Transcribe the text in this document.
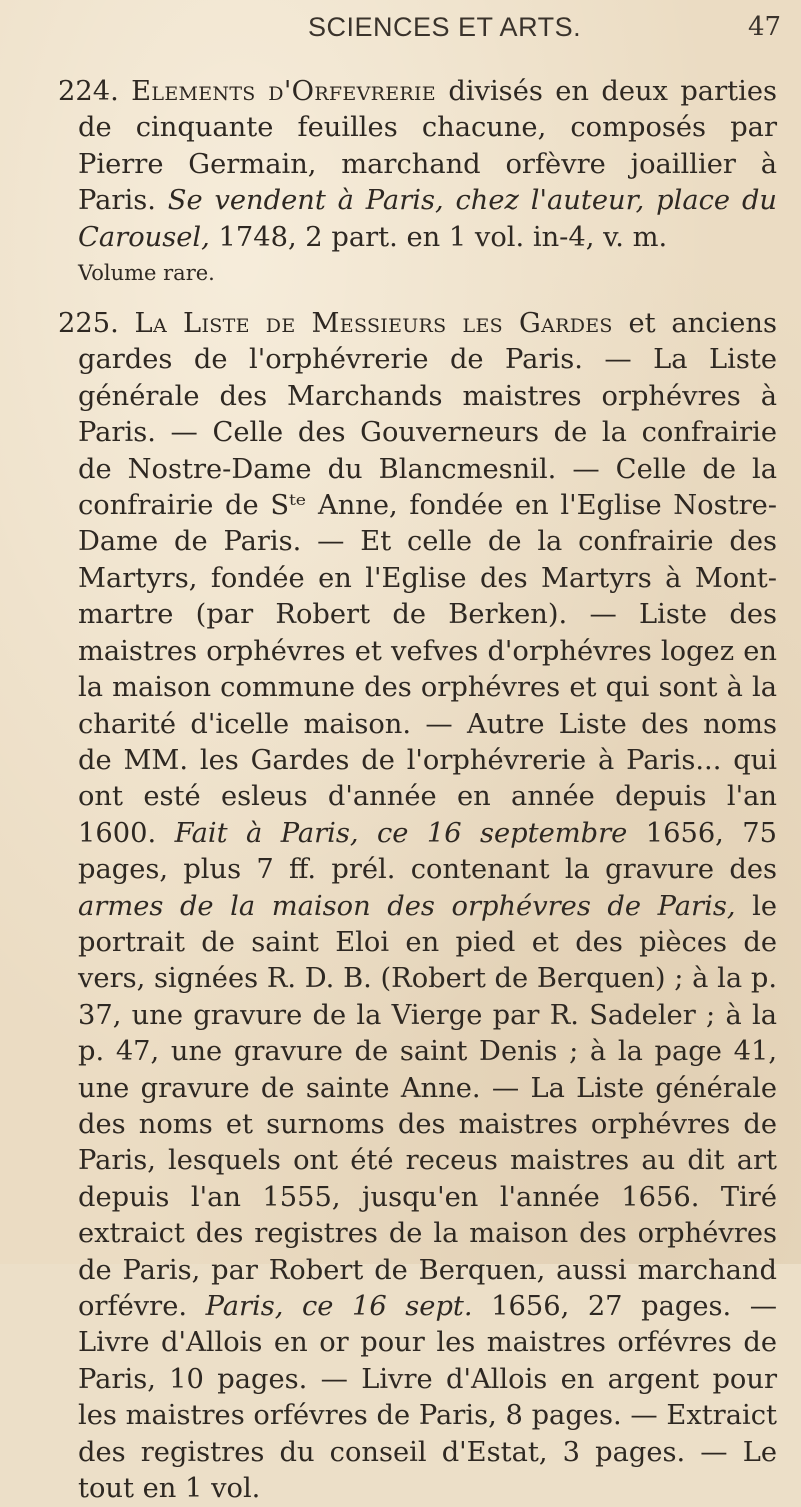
SCIENCES ET ARTS.	47

224. Elements d'Orfevrerie divisés en deux parties de cinquante feuilles chacune, composés par Pierre Germain, marchand orfèvre joaillier à Paris. Se vendent à Paris, chez l'auteur, place du Carousel, 1748, 2 part. en 1 vol. in-4, v. m.
Volume rare.

225. La Liste de Messieurs les Gardes et anciens gardes de l'orphévrerie de Paris. — La Liste générale des Marchands maistres orphévres à Paris. — Celle des Gouverneurs de la confrairie de Nostre-Dame du Blancmesnil. — Celle de la confrairie de Sᵗᵉ Anne, fondée en l'Eglise Nostre-Dame de Paris. — Et celle de la confrairie des Martyrs, fondée en l'Eglise des Martyrs à Mont-martre (par Robert de Berken). — Liste des maistres orphévres et vefves d'orphévres logez en la maison commune des orphévres et qui sont à la charité d'icelle maison. — Autre Liste des noms de MM. les Gardes de l'orphévrerie à Paris... qui ont esté esleus d'année en année depuis l'an 1600. Fait à Paris, ce 16 septembre 1656, 75 pages, plus 7 ff. prél. contenant la gravure des armes de la maison des orphévres de Paris, le portrait de saint Eloi en pied et des pièces de vers, signées R. D. B. (Robert de Berquen) ; à la p. 37, une gravure de la Vierge par R. Sadeler ; à la p. 47, une gravure de saint Denis ; à la page 41, une gravure de sainte Anne. — La Liste générale des noms et surnoms des maistres orphévres de Paris, lesquels ont été receus maistres au dit art depuis l'an 1555, jusqu'en l'année 1656. Tiré extraict des registres de la maison des orphévres de Paris, par Robert de Berquen, aussi marchand orfévre. Paris, ce 16 sept. 1656, 27 pages. — Livre d'Allois en or pour les maistres orfévres de Paris, 10 pages. — Livre d'Allois en argent pour les maistres orfévres de Paris, 8 pages. — Extraict des registres du conseil d'Estat, 3 pages. — Le tout en 1 vol.
